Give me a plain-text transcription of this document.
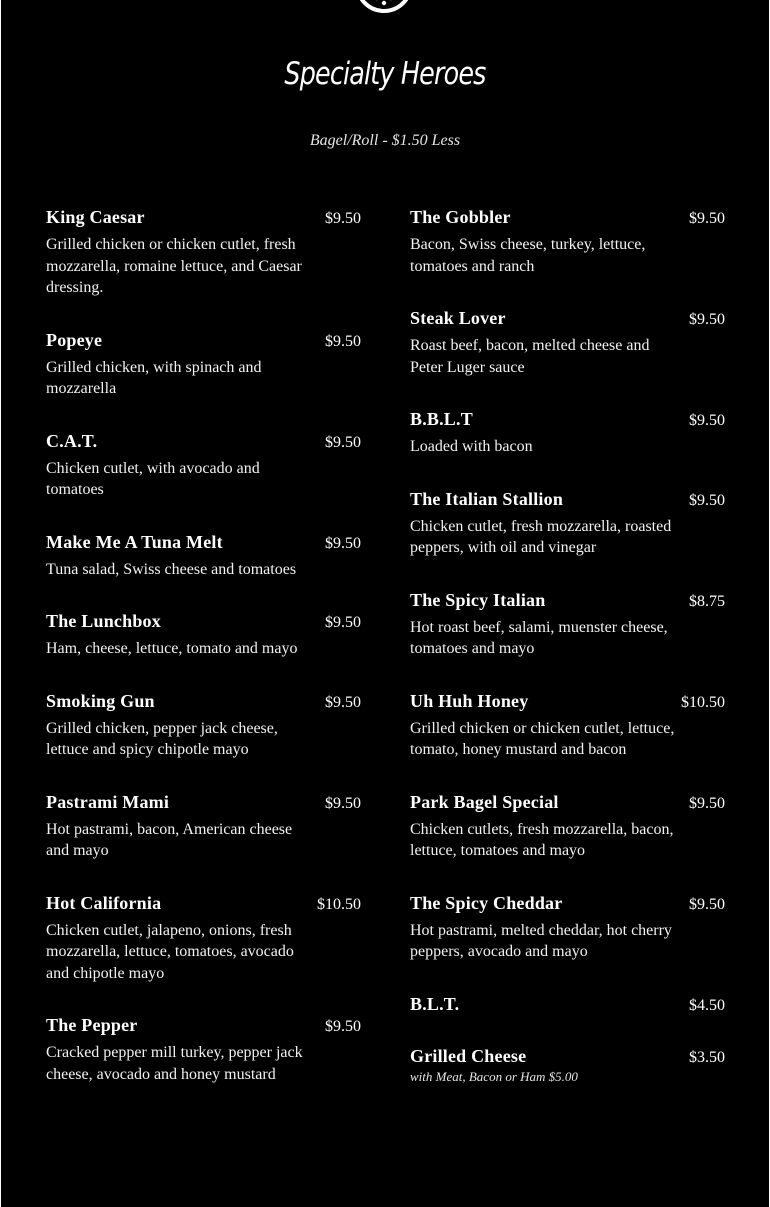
Specialty Heroes
Bagel/Roll - $1.50 Less
King Caesar	$9.50
Grilled chicken or chicken cutlet, fresh mozzarella, romaine lettuce, and Caesar dressing.
Popeye	$9.50
Grilled chicken, with spinach and mozzarella
C.A.T.	$9.50
Chicken cutlet, with avocado and tomatoes
Make Me A Tuna Melt	$9.50
Tuna salad, Swiss cheese and tomatoes
The Lunchbox	$9.50
Ham, cheese, lettuce, tomato and mayo
Smoking Gun	$9.50
Grilled chicken, pepper jack cheese, lettuce and spicy chipotle mayo
Pastrami Mami	$9.50
Hot pastrami, bacon, American cheese and mayo
Hot California	$10.50
Chicken cutlet, jalapeno, onions, fresh mozzarella, lettuce, tomatoes, avocado and chipotle mayo
The Pepper	$9.50
Cracked pepper mill turkey, pepper jack cheese, avocado and honey mustard
The Gobbler	$9.50
Bacon, Swiss cheese, turkey, lettuce, tomatoes and ranch
Steak Lover	$9.50
Roast beef, bacon, melted cheese and Peter Luger sauce
B.B.L.T	$9.50
Loaded with bacon
The Italian Stallion	$9.50
Chicken cutlet, fresh mozzarella, roasted peppers, with oil and vinegar
The Spicy Italian	$8.75
Hot roast beef, salami, muenster cheese, tomatoes and mayo
Uh Huh Honey	$10.50
Grilled chicken or chicken cutlet, lettuce, tomato, honey mustard and bacon
Park Bagel Special	$9.50
Chicken cutlets, fresh mozzarella, bacon, lettuce, tomatoes and mayo
The Spicy Cheddar	$9.50
Hot pastrami, melted cheddar, hot cherry peppers, avocado and mayo
B.L.T.	$4.50
Grilled Cheese	$3.50
with Meat, Bacon or Ham $5.00
